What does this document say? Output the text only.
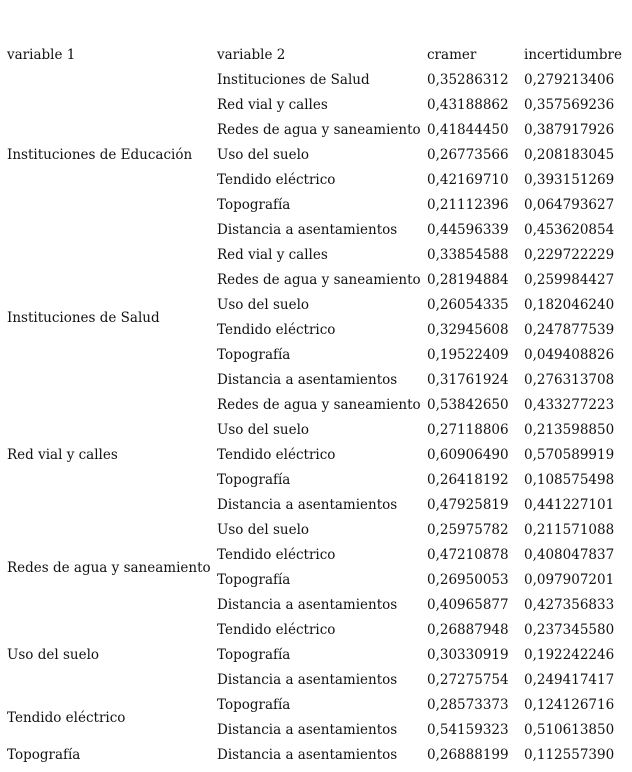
variable 1	variable 2	cramer	incertidumbre
Instituciones de Educación	Instituciones de Salud	0,35286312	0,279213406
	Red vial y calles	0,43188862	0,357569236
	Redes de agua y saneamiento	0,41844450	0,387917926
	Uso del suelo	0,26773566	0,208183045
	Tendido eléctrico	0,42169710	0,393151269
	Topografía	0,21112396	0,064793627
	Distancia a asentamientos	0,44596339	0,453620854
Instituciones de Salud	Red vial y calles	0,33854588	0,229722229
	Redes de agua y saneamiento	0,28194884	0,259984427
	Uso del suelo	0,26054335	0,182046240
	Tendido eléctrico	0,32945608	0,247877539
	Topografía	0,19522409	0,049408826
	Distancia a asentamientos	0,31761924	0,276313708
Red vial y calles	Redes de agua y saneamiento	0,53842650	0,433277223
	Uso del suelo	0,27118806	0,213598850
	Tendido eléctrico	0,60906490	0,570589919
	Topografía	0,26418192	0,108575498
	Distancia a asentamientos	0,47925819	0,441227101
Redes de agua y saneamiento	Uso del suelo	0,25975782	0,211571088
	Tendido eléctrico	0,47210878	0,408047837
	Topografía	0,26950053	0,097907201
	Distancia a asentamientos	0,40965877	0,427356833
Uso del suelo	Tendido eléctrico	0,26887948	0,237345580
	Topografía	0,30330919	0,192242246
	Distancia a asentamientos	0,27275754	0,249417417
Tendido eléctrico	Topografía	0,28573373	0,124126716
	Distancia a asentamientos	0,54159323	0,510613850
Topografía	Distancia a asentamientos	0,26888199	0,112557390
